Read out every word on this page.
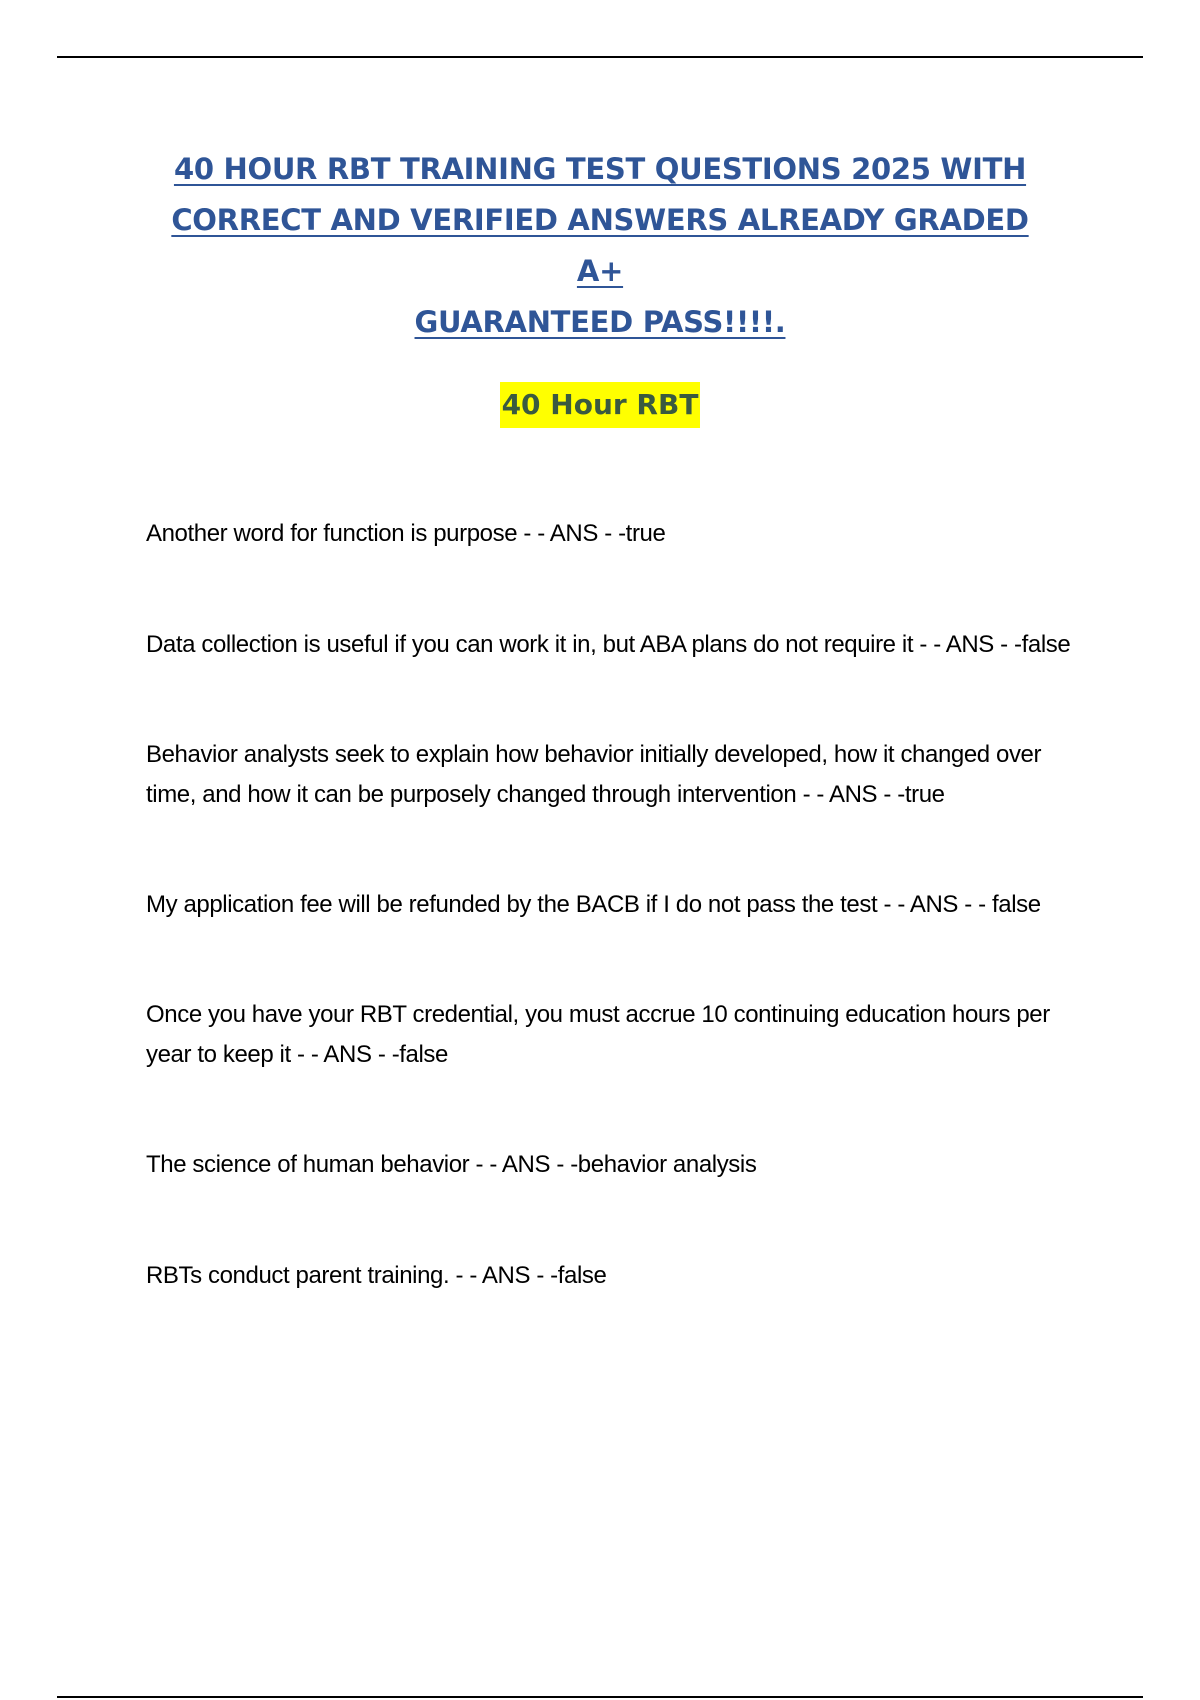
40 HOUR RBT TRAINING TEST QUESTIONS 2025 WITH
CORRECT AND VERIFIED ANSWERS ALREADY GRADED A+
GUARANTEED PASS!!!!.
40 Hour RBT
Another word for function is purpose - - ANS - -true
Data collection is useful if you can work it in, but ABA plans do not require it - - ANS - -false
Behavior analysts seek to explain how behavior initially developed, how it changed over time, and how it can be purposely changed through intervention - - ANS - -true
My application fee will be refunded by the BACB if I do not pass the test - - ANS - - false
Once you have your RBT credential, you must accrue 10 continuing education hours per year to keep it - - ANS - -false
The science of human behavior - - ANS - -behavior analysis
RBTs conduct parent training. - - ANS - -false
